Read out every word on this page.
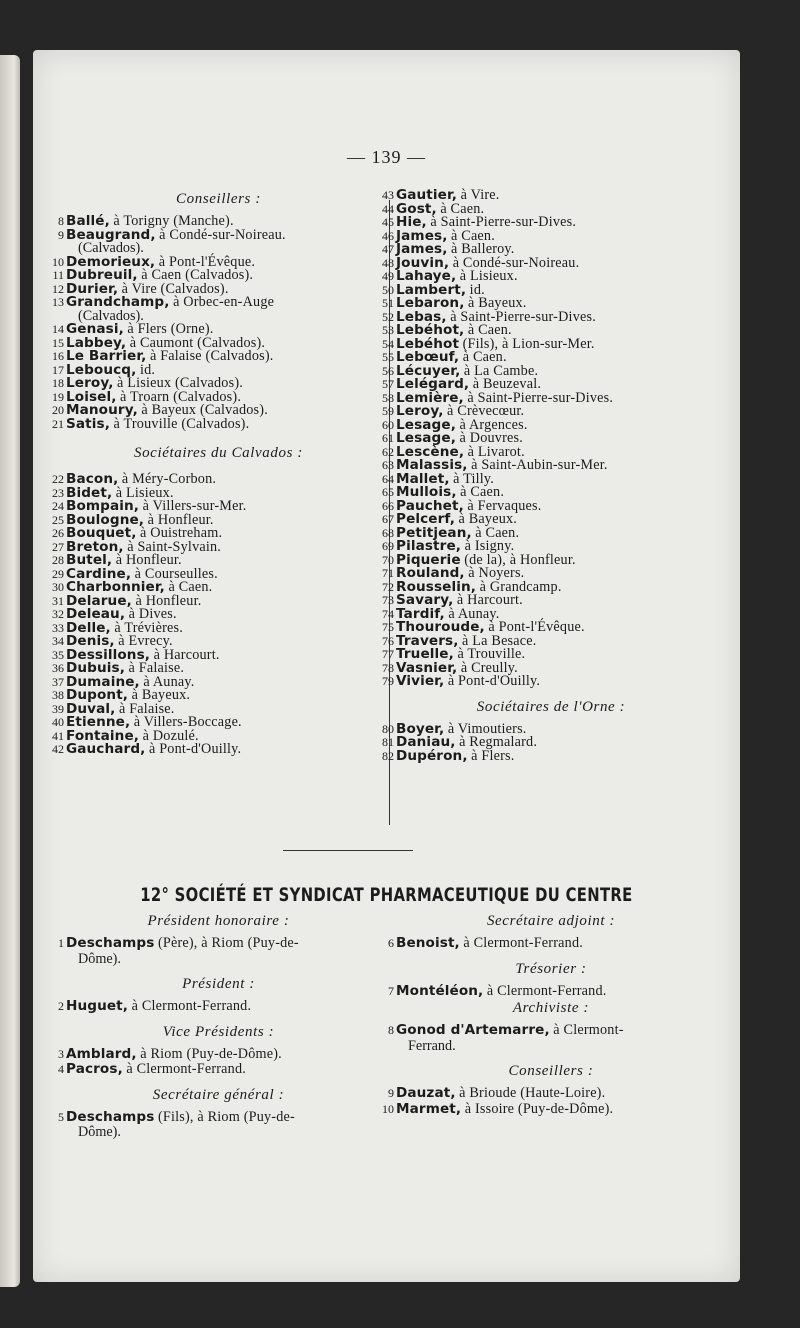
— 139 —
Conseillers :
8 Ballé, à Torigny (Manche).
9 Beaugrand, à Condé-sur-Noireau.
(Calvados).
10 Demorieux, à Pont-l'Évêque.
11 Dubreuil, à Caen (Calvados).
12 Durier, à Vire (Calvados).
13 Grandchamp, à Orbec-en-Auge
(Calvados).
14 Genasi, à Flers (Orne).
15 Labbey, à Caumont (Calvados).
16 Le Barrier, à Falaise (Calvados).
17 Leboucq, id.
18 Leroy, à Lisieux (Calvados).
19 Loisel, à Troarn (Calvados).
20 Manoury, à Bayeux (Calvados).
21 Satis, à Trouville (Calvados).
Sociétaires du Calvados :
22 Bacon, à Méry-Corbon.
23 Bidet, à Lisieux.
24 Bompain, à Villers-sur-Mer.
25 Boulogne, à Honfleur.
26 Bouquet, à Ouistreham.
27 Breton, à Saint-Sylvain.
28 Butel, à Honfleur.
29 Cardine, à Courseulles.
30 Charbonnier, à Caen.
31 Delarue, à Honfleur.
32 Deleau, à Dives.
33 Delle, à Trévières.
34 Denis, à Evrecy.
35 Dessillons, à Harcourt.
36 Dubuis, à Falaise.
37 Dumaine, à Aunay.
38 Dupont, à Bayeux.
39 Duval, à Falaise.
40 Etienne, à Villers-Boccage.
41 Fontaine, à Dozulé.
42 Gauchard, à Pont-d'Ouilly.
43 Gautier, à Vire.
44 Gost, à Caen.
45 Hie, à Saint-Pierre-sur-Dives.
46 James, à Caen.
47 James, à Balleroy.
48 Jouvin, à Condé-sur-Noireau.
49 Lahaye, à Lisieux.
50 Lambert, id.
51 Lebaron, à Bayeux.
52 Lebas, à Saint-Pierre-sur-Dives.
53 Lebéhot, à Caen.
54 Lebéhot (Fils), à Lion-sur-Mer.
55 Lebœuf, à Caen.
56 Lécuyer, à La Cambe.
57 Lelégard, à Beuzeval.
58 Lemière, à Saint-Pierre-sur-Dives.
59 Leroy, à Crèvecœur.
60 Lesage, à Argences.
61 Lesage, à Douvres.
62 Lescène, à Livarot.
63 Malassis, à Saint-Aubin-sur-Mer.
64 Mallet, à Tilly.
65 Mullois, à Caen.
66 Pauchet, à Fervaques.
67 Pelcerf, à Bayeux.
68 Petitjean, à Caen.
69 Pilastre, à Isigny.
70 Piquerie (de la), à Honfleur.
71 Rouland, à Noyers.
72 Rousselin, à Grandcamp.
73 Savary, à Harcourt.
74 Tardif, à Aunay.
75 Thouroude, à Pont-l'Évêque.
76 Travers, à La Besace.
77 Truelle, à Trouville.
78 Vasnier, à Creully.
79 Vivier, à Pont-d'Ouilly.
Sociétaires de l'Orne :
80 Boyer, à Vimoutiers.
81 Daniau, à Regmalard.
82 Dupéron, à Flers.
12° SOCIÉTÉ ET SYNDICAT PHARMACEUTIQUE DU CENTRE
Président honoraire :
1 Deschamps (Père), à Riom (Puy-de-
Dôme).
Président :
2 Huguet, à Clermont-Ferrand.
Vice Présidents :
3 Amblard, à Riom (Puy-de-Dôme).
4 Pacros, à Clermont-Ferrand.
Secrétaire général :
5 Deschamps (Fils), à Riom (Puy-de-
Dôme).
Secrétaire adjoint :
6 Benoist, à Clermont-Ferrand.
Trésorier :
7 Montéléon, à Clermont-Ferrand.
Archiviste :
8 Gonod d'Artemarre, à Clermont-
Ferrand.
Conseillers :
9 Dauzat, à Brioude (Haute-Loire).
10 Marmet, à Issoire (Puy-de-Dôme).
